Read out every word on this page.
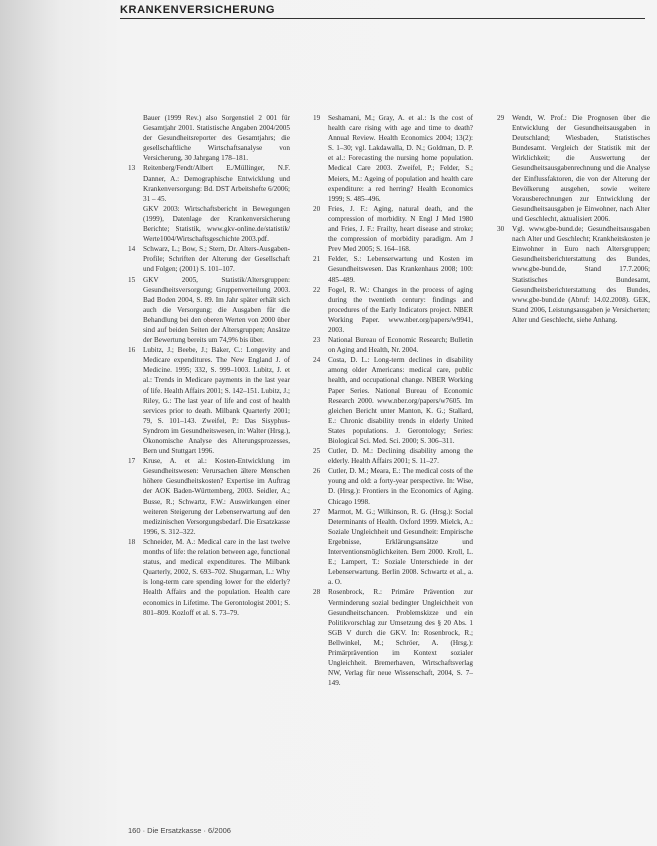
KRANKENVERSICHERUNG

Bauer (1999 Rev.) also Sorgenstiel 2 001 für Gesamtjahr 2001. Statistische Angaben 2004/2005 der Gesundheitsreporter des Gesamtjahrs; die gesellschaftliche Wirtschaftsanalyse von Versicherung, 30 Jahrgang 178–181.

13	Reitenberg/Fendt/Albert E./Müllinger, N.F. Danner, A.: Demographische Entwicklung und Krankenversorgung: Bd. DST Arbeitshefte 6/2006; 31 – 45.

GKV 2003: Wirtschaftsbericht in Bewegungen (1999), Datenlage der Krankenversicherung Berichte; Statistik, www.gkv-online.de/statistik/ Werte1004/Wirtschaftsgeschichte 2003.pdf.

14	Schwarz, L.; Bow, S.; Stern, Dr. Alters-Ausgaben-Profile; Schriften der Alterung der Gesellschaft und Folgen; (2001) S. 101–107.

15	GKV 2005, Statistik/Altersgruppen: Gesundheitsversorgung; Gruppenverteilung 2003. Bad Boden 2004, S. 89. Im Jahr später erhält sich auch die Versorgung; die Ausgaben für die Behandlung bei den oberen Werten von 2000 über sind auf beiden Seiten der Altersgruppen; Ansätze der Bewertung bereits um 74,9% bis über.

16	Lubitz, J.; Beebe, J.; Baker, C.: Longevity and Medicare expenditures. The New England J. of Medicine. 1995; 332, S. 999–1003. Lubitz, J. et al.: Trends in Medicare payments in the last year of life. Health Affairs 2001; S. 142–151. Lubitz, J.; Riley, G.: The last year of life and cost of health services prior to death. Milbank Quarterly 2001; 79, S. 101–143. Zweifel, P.: Das Sisyphus-Syndrom im Gesundheitswesen, in: Walter (Hrsg.), Ökonomische Analyse des Alterungsprozesses, Bern und Stuttgart 1996.

17	Kruse, A. et al.: Kosten-Entwicklung im Gesundheitswesen: Verursachen ältere Menschen höhere Gesundheitskosten? Expertise im Auftrag der AOK Baden-Württemberg, 2003. Seidler, A.; Busse, R.; Schwartz, F.W.: Auswirkungen einer weiteren Steigerung der Lebenserwartung auf den medizinischen Versorgungsbedarf. Die Ersatzkasse 1996, S. 312–322.

18	Schneider, M. A.: Medical care in the last twelve months of life: the relation between age, functional status, and medical expenditures. The Milbank Quarterly, 2002, S. 693–702. Shugarman, L.: Why is long-term care spending lower for the elderly? Health Affairs and the population. Health care economics in Lifetime. The Gerontologist 2001; S. 801–809. Kozloff et al. S. 73–79.

19	Seshamani, M.; Gray, A. et al.: Is the cost of health care rising with age and time to death? Annual Review. Health Economics 2004; 13(2): S. 1–30; vgl. Lakdawalla, D. N.; Goldman, D. P. et al.: Forecasting the nursing home population. Medical Care 2003. Zweifel, P.; Felder, S.; Meiers, M.: Ageing of population and health care expenditure: a red herring? Health Economics 1999; S. 485–496.

20	Fries, J. F.: Aging, natural death, and the compression of morbidity. N Engl J Med 1980 and Fries, J. F.: Frailty, heart disease and stroke; the compression of morbidity paradigm. Am J Prev Med 2005; S. 164–168.

21	Felder, S.: Lebenserwartung und Kosten im Gesundheitswesen. Das Krankenhaus 2008; 100: 485–489.

22	Fogel, R. W.: Changes in the process of aging during the twentieth century: findings and procedures of the Early Indicators project. NBER Working Paper. www.nber.org/papers/w9941, 2003.

23	National Bureau of Economic Research; Bulletin on Aging and Health, Nr. 2004.

24	Costa, D. L.: Long-term declines in disability among older Americans: medical care, public health, and occupational change. NBER Working Paper Series. National Bureau of Economic Research 2000. www.nber.org/papers/w7605. Im gleichen Bericht unter Manton, K. G.; Stallard, E.: Chronic disability trends in elderly United States populations. J. Gerontology; Series: Biological Sci. Med. Sci. 2000; S. 306–311.

25	Cutler, D. M.: Declining disability among the elderly. Health Affairs 2001; S. 11–27.

26	Cutler, D. M.; Meara, E.: The medical costs of the young and old: a forty-year perspective. In: Wise, D. (Hrsg.): Frontiers in the Economics of Aging. Chicago 1998.

27	Marmot, M. G.; Wilkinson, R. G. (Hrsg.): Social Determinants of Health. Oxford 1999. Mielck, A.: Soziale Ungleichheit und Gesundheit: Empirische Ergebnisse, Erklärungsansätze und Interventionsmöglichkeiten. Bern 2000. Kroll, L. E.; Lampert, T.: Soziale Unterschiede in der Lebenserwartung. Berlin 2008. Schwartz et al., a. a. O.

28	Rosenbrock, R.: Primäre Prävention zur Verminderung sozial bedingter Ungleichheit von Gesundheitschancen. Problemskizze und ein Politikvorschlag zur Umsetzung des § 20 Abs. 1 SGB V durch die GKV. In: Rosenbrock, R.; Bellwinkel, M.; Schröer, A. (Hrsg.): Primärprävention im Kontext sozialer Ungleichheit. Bremerhaven, Wirtschaftsverlag NW, Verlag für neue Wissenschaft, 2004, S. 7–149.

29	Wendt, W. Prof.: Die Prognosen über die Entwicklung der Gesundheitsausgaben in Deutschland; Wiesbaden, Statistisches Bundesamt. Vergleich der Statistik mit der Wirklichkeit; die Auswertung der Gesundheitsausgabenrechnung und die Analyse der Einflussfaktoren, die von der Alterung der Bevölkerung ausgehen, sowie weitere Vorausberechnungen zur Entwicklung der Gesundheitsausgaben je Einwohner, nach Alter und Geschlecht, aktualisiert 2006.

30	Vgl. www.gbe-bund.de; Gesundheitsausgaben nach Alter und Geschlecht; Krankheitskosten je Einwohner in Euro nach Altersgruppen; Gesundheitsberichterstattung des Bundes, www.gbe-bund.de, Stand 17.7.2006; Statistisches Bundesamt, Gesundheitsberichterstattung des Bundes, www.gbe-bund.de (Abruf: 14.02.2008). GEK, Stand 2006, Leistungsausgaben je Versicherten; Alter und Geschlecht, siehe Anhang.

160 · Die Ersatzkasse · 6/2006
